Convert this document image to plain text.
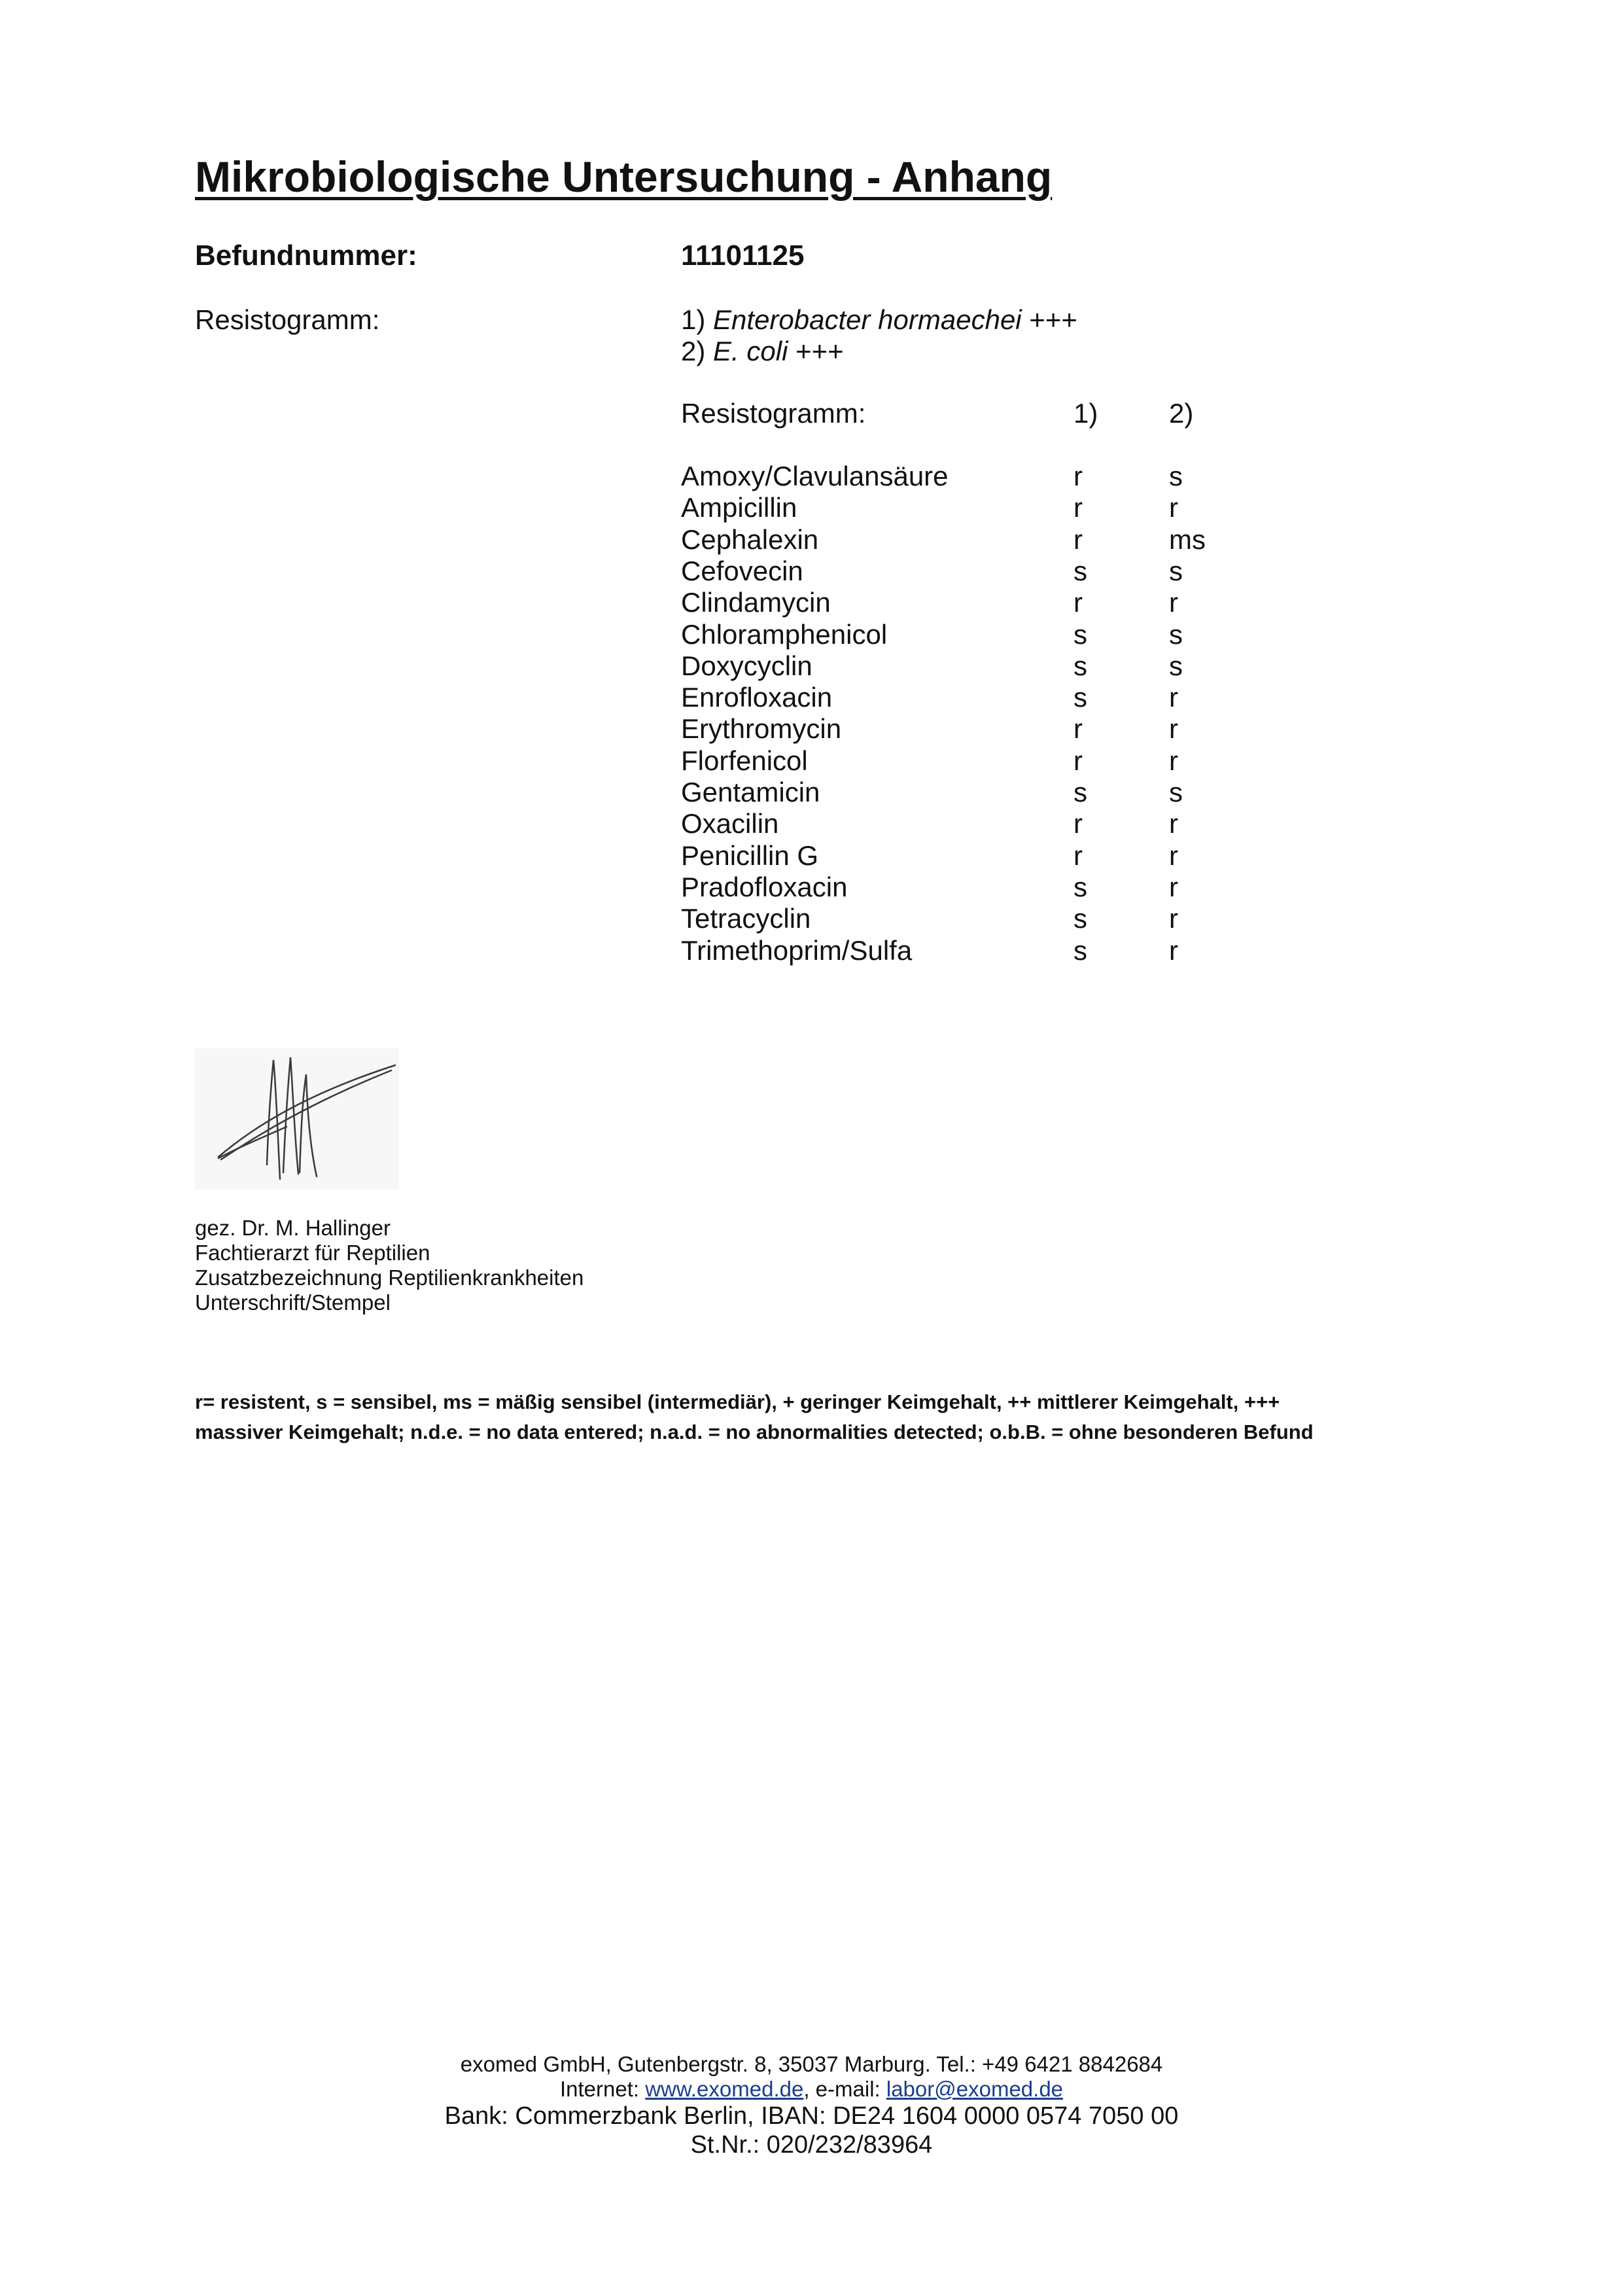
Mikrobiologische Untersuchung - Anhang
Befundnummer:	11101125
Resistogramm:	1) Enterobacter hormaechei +++
2) E. coli +++
Resistogramm:	1)	2)
Amoxy/Clavulansäure	r	s
Ampicillin	r	r
Cephalexin	r	ms
Cefovecin	s	s
Clindamycin	r	r
Chloramphenicol	s	s
Doxycyclin	s	s
Enrofloxacin	s	r
Erythromycin	r	r
Florfenicol	r	r
Gentamicin	s	s
Oxacilin	r	r
Penicillin G	r	r
Pradofloxacin	s	r
Tetracyclin	s	r
Trimethoprim/Sulfa	s	r
gez. Dr. M. Hallinger
Fachtierarzt für Reptilien
Zusatzbezeichnung Reptilienkrankheiten
Unterschrift/Stempel
r= resistent, s = sensibel, ms = mäßig sensibel (intermediär), + geringer Keimgehalt, ++ mittlerer Keimgehalt, +++
massiver Keimgehalt; n.d.e. = no data entered; n.a.d. = no abnormalities detected; o.b.B. = ohne besonderen Befund
exomed GmbH, Gutenbergstr. 8, 35037 Marburg. Tel.: +49 6421 8842684
Internet: www.exomed.de, e-mail: labor@exomed.de
Bank: Commerzbank Berlin, IBAN: DE24 1604 0000 0574 7050 00
St.Nr.: 020/232/83964
